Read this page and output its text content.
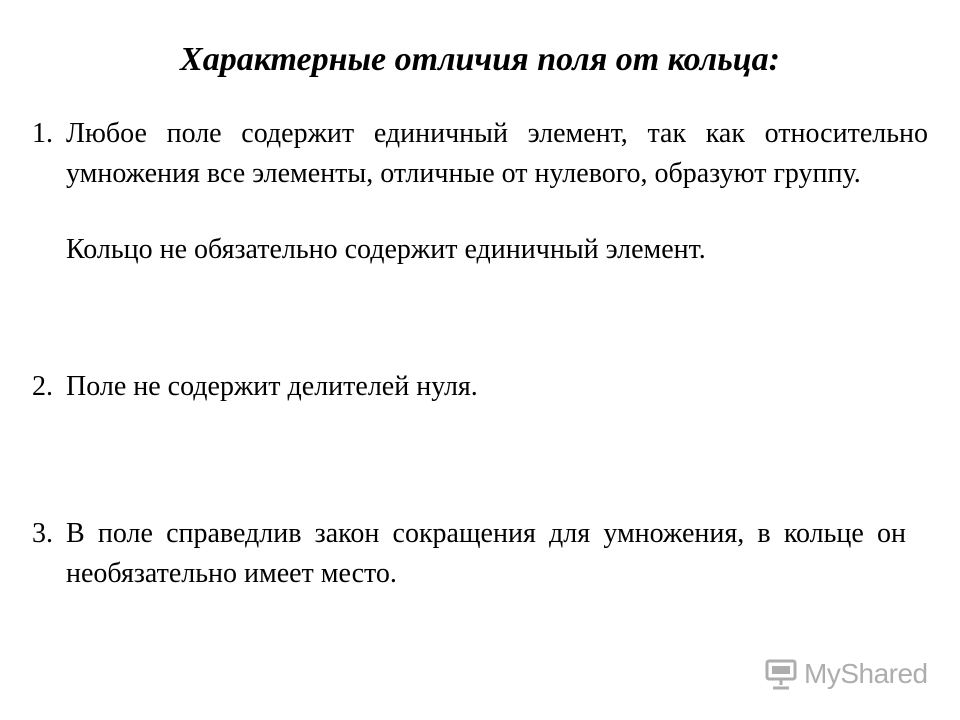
Характерные отличия поля от кольца:
1. Любое поле содержит единичный элемент, так как относительно умножения все элементы, отличные от нулевого, образуют группу.
Кольцо не обязательно содержит единичный элемент.
2. Поле не содержит делителей нуля.
3. В поле справедлив закон сокращения для умножения, в кольце он необязательно имеет место.
MyShared
